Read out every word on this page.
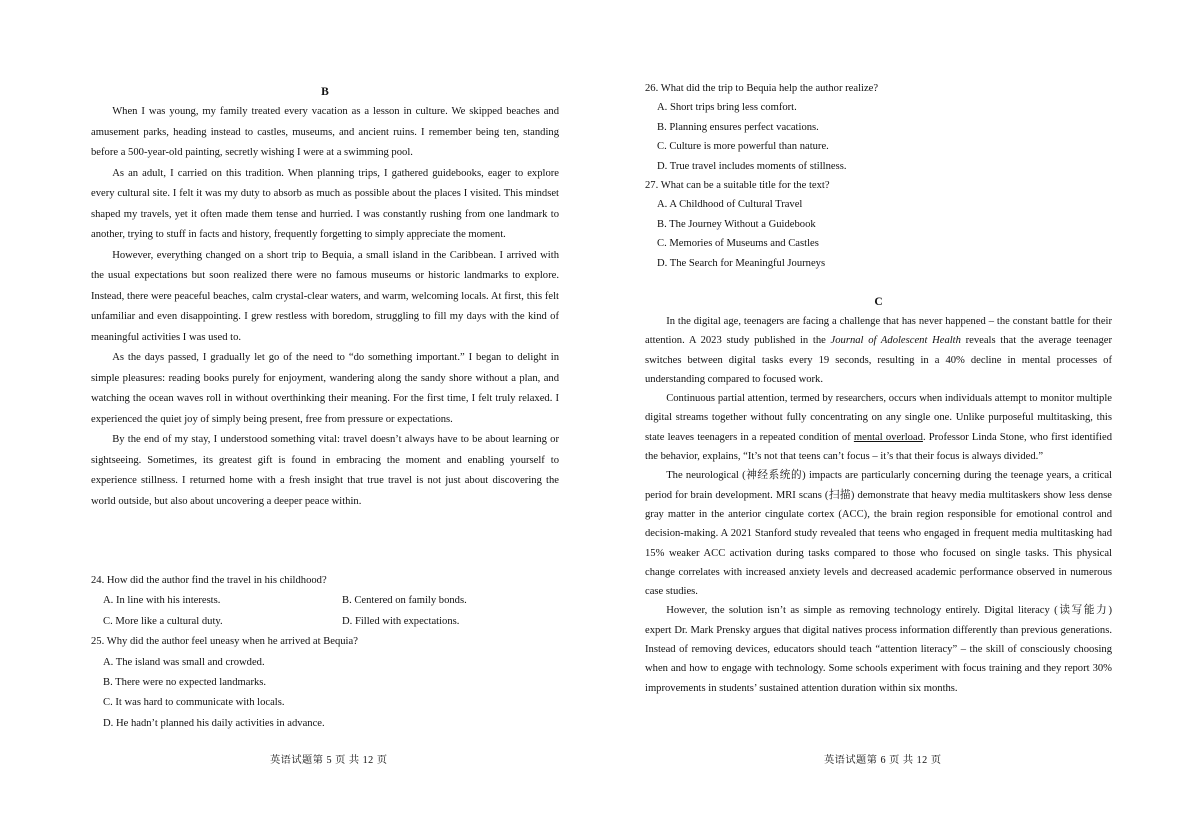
B

When I was young, my family treated every vacation as a lesson in culture. We skipped beaches and amusement parks, heading instead to castles, museums, and ancient ruins. I remember being ten, standing before a 500-year-old painting, secretly wishing I were at a swimming pool.

As an adult, I carried on this tradition. When planning trips, I gathered guidebooks, eager to explore every cultural site. I felt it was my duty to absorb as much as possible about the places I visited. This mindset shaped my travels, yet it often made them tense and hurried. I was constantly rushing from one landmark to another, trying to stuff in facts and history, frequently forgetting to simply appreciate the moment.

However, everything changed on a short trip to Bequia, a small island in the Caribbean. I arrived with the usual expectations but soon realized there were no famous museums or historic landmarks to explore. Instead, there were peaceful beaches, calm crystal-clear waters, and warm, welcoming locals. At first, this felt unfamiliar and even disappointing. I grew restless with boredom, struggling to fill my days with the kind of meaningful activities I was used to.

As the days passed, I gradually let go of the need to “do something important.” I began to delight in simple pleasures: reading books purely for enjoyment, wandering along the sandy shore without a plan, and watching the ocean waves roll in without overthinking their meaning. For the first time, I felt truly relaxed. I experienced the quiet joy of simply being present, free from pressure or expectations.

By the end of my stay, I understood something vital: travel doesn’t always have to be about learning or sightseeing. Sometimes, its greatest gift is found in embracing the moment and enabling yourself to experience stillness. I returned home with a fresh insight that true travel is not just about discovering the world outside, but also about uncovering a deeper peace within.

24. How did the author find the travel in his childhood?

A. In line with his interests.	B. Centered on family bonds.
C. More like a cultural duty.	D. Filled with expectations.

25. Why did the author feel uneasy when he arrived at Bequia?

A. The island was small and crowded.

B. There were no expected landmarks.

C. It was hard to communicate with locals.

D. He hadn’t planned his daily activities in advance.

英语试题第 5 页 共 12 页

26. What did the trip to Bequia help the author realize?

A. Short trips bring less comfort.

B. Planning ensures perfect vacations.

C. Culture is more powerful than nature.

D. True travel includes moments of stillness.

27. What can be a suitable title for the text?

A. A Childhood of Cultural Travel

B. The Journey Without a Guidebook

C. Memories of Museums and Castles

D. The Search for Meaningful Journeys

C

In the digital age, teenagers are facing a challenge that has never happened – the constant battle for their attention. A 2023 study published in the Journal of Adolescent Health reveals that the average teenager switches between digital tasks every 19 seconds, resulting in a 40% decline in mental processes of understanding compared to focused work.

Continuous partial attention, termed by researchers, occurs when individuals attempt to monitor multiple digital streams together without fully concentrating on any single one. Unlike purposeful multitasking, this state leaves teenagers in a repeated condition of mental overload. Professor Linda Stone, who first identified the behavior, explains, “It’s not that teens can’t focus – it’s that their focus is always divided.”

The neurological (神经系统的) impacts are particularly concerning during the teenage years, a critical period for brain development. MRI scans (扫描) demonstrate that heavy media multitaskers show less dense gray matter in the anterior cingulate cortex (ACC), the brain region responsible for emotional control and decision-making. A 2021 Stanford study revealed that teens who engaged in frequent media multitasking had 15% weaker ACC activation during tasks compared to those who focused on single tasks. This physical change correlates with increased anxiety levels and decreased academic performance observed in numerous case studies.

However, the solution isn’t as simple as removing technology entirely. Digital literacy (读写能力) expert Dr. Mark Prensky argues that digital natives process information differently than previous generations. Instead of removing devices, educators should teach “attention literacy” – the skill of consciously choosing when and how to engage with technology. Some schools experiment with focus training and they report 30% improvements in students’ sustained attention duration within six months.

英语试题第 6 页 共 12 页
